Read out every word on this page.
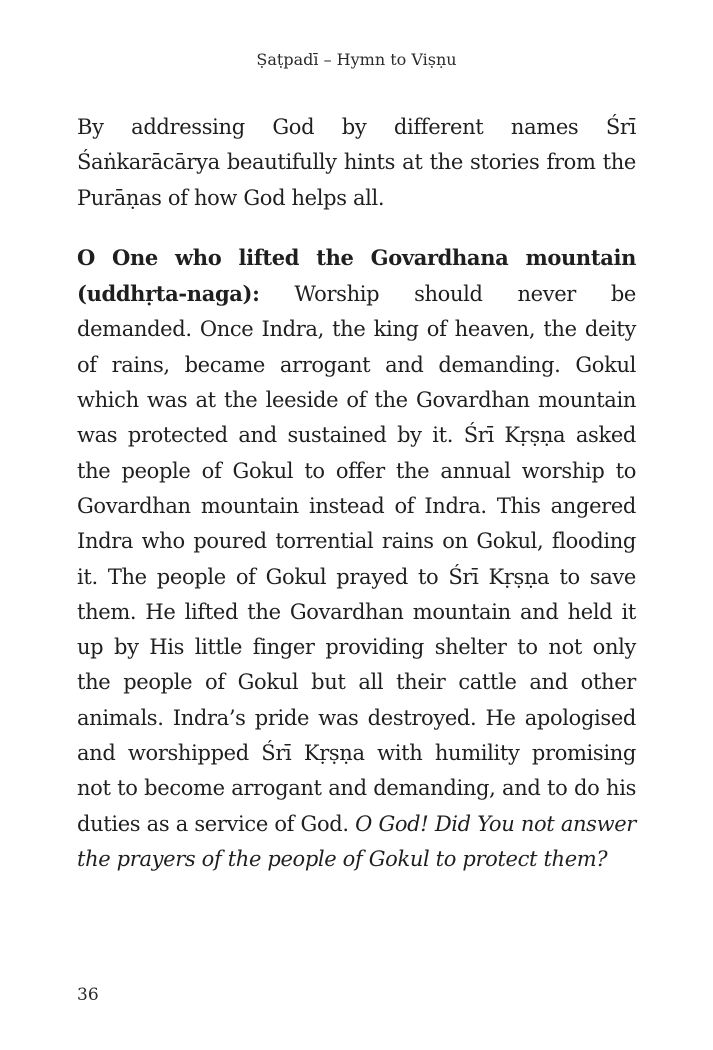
Ṣaṭpadī – Hymn to Viṣṇu

By addressing God by different names Śrī Śaṅkarācārya beautifully hints at the stories from the Purāṇas of how God helps all.

O One who lifted the Govardhana mountain (uddhṛta-naga): Worship should never be demanded. Once Indra, the king of heaven, the deity of rains, became arrogant and demanding. Gokul which was at the leeside of the Govardhan mountain was protected and sustained by it. Śrī Kṛṣṇa asked the people of Gokul to offer the annual worship to Govardhan mountain instead of Indra. This angered Indra who poured torrential rains on Gokul, flooding it. The people of Gokul prayed to Śrī Kṛṣṇa to save them. He lifted the Govardhan mountain and held it up by His little finger providing shelter to not only the people of Gokul but all their cattle and other animals. Indra’s pride was destroyed. He apologised and worshipped Śrī Kṛṣṇa with humility promising not to become arrogant and demanding, and to do his duties as a service of God. O God! Did You not answer the prayers of the people of Gokul to protect them?

36
